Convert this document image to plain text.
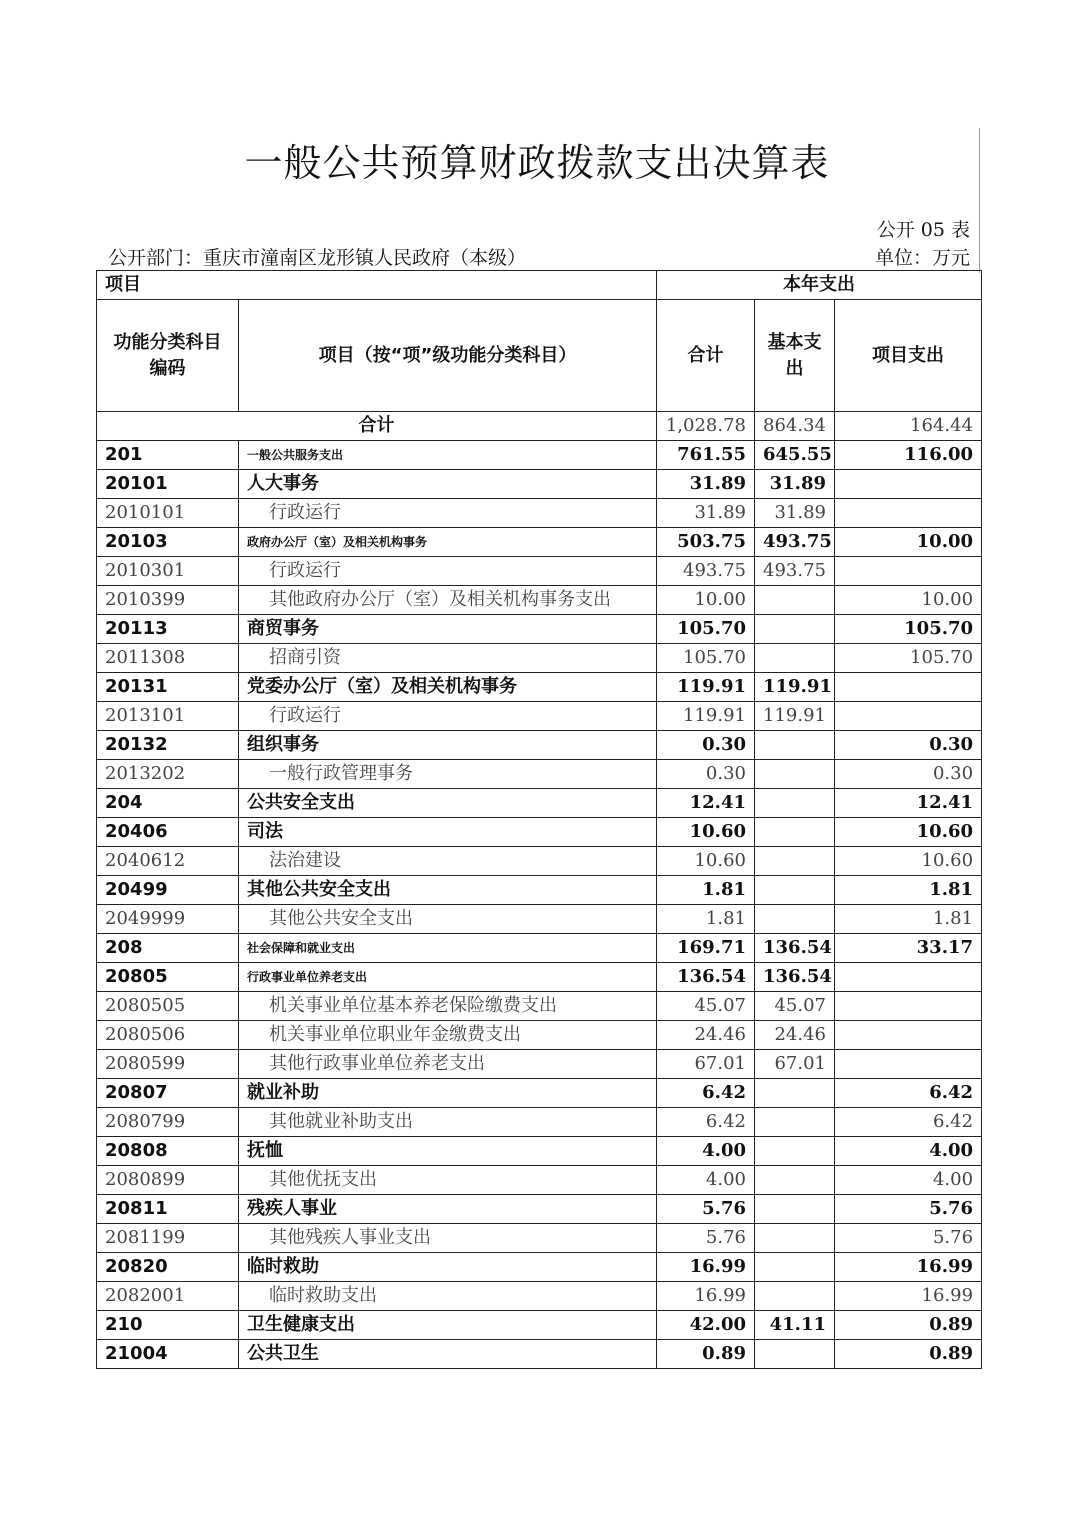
一般公共预算财政拨款支出决算表
公开 05 表
公开部门：重庆市潼南区龙形镇人民政府（本级）	单位：万元
项目		本年支出		
功能分类科目编码	项目（按“项”级功能分类科目）	合计	基本支出	项目支出
合计		1,028.78	864.34	164.44
201	一般公共服务支出	761.55	645.55	116.00
20101	人大事务	31.89	31.89	
2010101	行政运行	31.89	31.89	
20103	政府办公厅（室）及相关机构事务	503.75	493.75	10.00
2010301	行政运行	493.75	493.75	
2010399	其他政府办公厅（室）及相关机构事务支出	10.00		10.00
20113	商贸事务	105.70		105.70
2011308	招商引资	105.70		105.70
20131	党委办公厅（室）及相关机构事务	119.91	119.91	
2013101	行政运行	119.91	119.91	
20132	组织事务	0.30		0.30
2013202	一般行政管理事务	0.30		0.30
204	公共安全支出	12.41		12.41
20406	司法	10.60		10.60
2040612	法治建设	10.60		10.60
20499	其他公共安全支出	1.81		1.81
2049999	其他公共安全支出	1.81		1.81
208	社会保障和就业支出	169.71	136.54	33.17
20805	行政事业单位养老支出	136.54	136.54	
2080505	机关事业单位基本养老保险缴费支出	45.07	45.07	
2080506	机关事业单位职业年金缴费支出	24.46	24.46	
2080599	其他行政事业单位养老支出	67.01	67.01	
20807	就业补助	6.42		6.42
2080799	其他就业补助支出	6.42		6.42
20808	抚恤	4.00		4.00
2080899	其他优抚支出	4.00		4.00
20811	残疾人事业	5.76		5.76
2081199	其他残疾人事业支出	5.76		5.76
20820	临时救助	16.99		16.99
2082001	临时救助支出	16.99		16.99
210	卫生健康支出	42.00	41.11	0.89
21004	公共卫生	0.89		0.89
